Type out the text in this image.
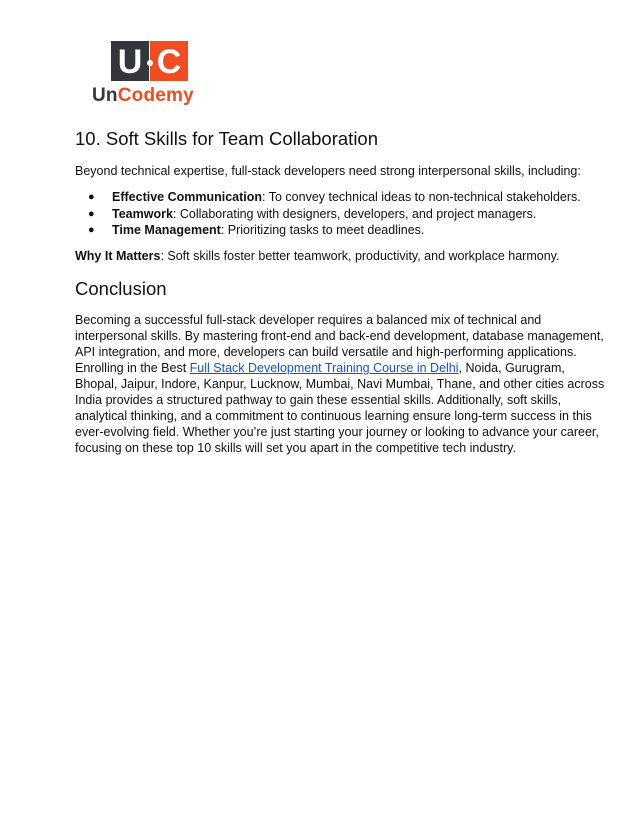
U C
UnCodemy
10. Soft Skills for Team Collaboration

Beyond technical expertise, full-stack developers need strong interpersonal skills, including:

● Effective Communication: To convey technical ideas to non-technical stakeholders.
● Teamwork: Collaborating with designers, developers, and project managers.
● Time Management: Prioritizing tasks to meet deadlines.

Why It Matters: Soft skills foster better teamwork, productivity, and workplace harmony.

Conclusion
Becoming a successful full-stack developer requires a balanced mix of technical and
interpersonal skills. By mastering front-end and back-end development, database management,
API integration, and more, developers can build versatile and high-performing applications.
Enrolling in the Best Full Stack Development Training Course in Delhi, Noida, Gurugram,
Bhopal, Jaipur, Indore, Kanpur, Lucknow, Mumbai, Navi Mumbai, Thane, and other cities across
India provides a structured pathway to gain these essential skills. Additionally, soft skills,
analytical thinking, and a commitment to continuous learning ensure long-term success in this
ever-evolving field. Whether you’re just starting your journey or looking to advance your career,
focusing on these top 10 skills will set you apart in the competitive tech industry.
